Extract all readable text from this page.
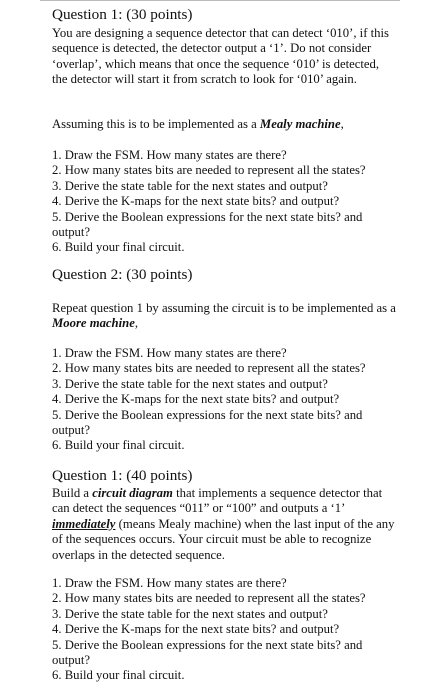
Question 1: (30 points)
You are designing a sequence detector that can detect ‘010’, if this sequence is detected, the detector output a ‘1’. Do not consider ‘overlap’, which means that once the sequence ‘010’ is detected, the detector will start it from scratch to look for ‘010’ again.
Assuming this is to be implemented as a Mealy machine,
1. Draw the FSM. How many states are there?
2. How many states bits are needed to represent all the states?
3. Derive the state table for the next states and output?
4. Derive the K-maps for the next state bits? and output?
5. Derive the Boolean expressions for the next state bits? and output?
6. Build your final circuit.
Question 2: (30 points)
Repeat question 1 by assuming the circuit is to be implemented as a Moore machine,
1. Draw the FSM. How many states are there?
2. How many states bits are needed to represent all the states?
3. Derive the state table for the next states and output?
4. Derive the K-maps for the next state bits? and output?
5. Derive the Boolean expressions for the next state bits? and output?
6. Build your final circuit.
Question 1: (40 points)
Build a circuit diagram that implements a sequence detector that can detect the sequences “011” or “100” and outputs a ‘1’ immediately (means Mealy machine) when the last input of the any of the sequences occurs. Your circuit must be able to recognize overlaps in the detected sequence.
1. Draw the FSM. How many states are there?
2. How many states bits are needed to represent all the states?
3. Derive the state table for the next states and output?
4. Derive the K-maps for the next state bits? and output?
5. Derive the Boolean expressions for the next state bits? and output?
6. Build your final circuit.
